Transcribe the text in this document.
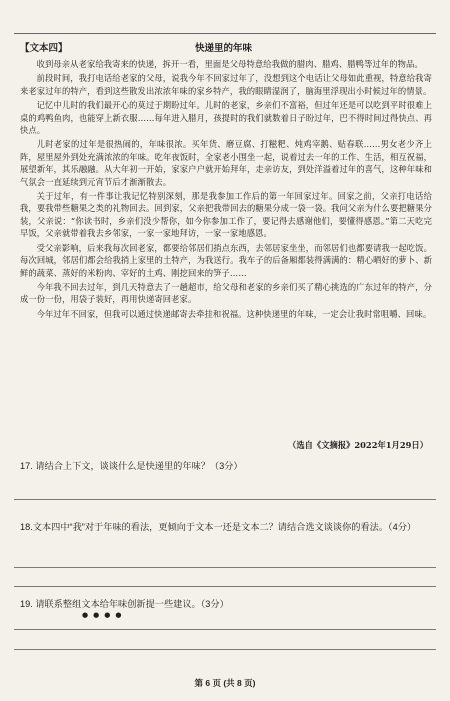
【文本四】	快递里的年味

收到母亲从老家给我寄来的快递，拆开一看，里面是父母特意给我做的腊肉、腊鸡、腊鸭等过年的物品。

前段时间，我打电话给老家的父母，说我今年不回家过年了，没想到这个电话让父母如此重视，特意给我寄来老家过年的特产，看到这些散发出浓浓年味的家乡特产，我的眼睛湿润了，脑海里浮现出小时候过年的情景。

记忆中儿时的我们最开心的莫过于期盼过年。儿时的老家，乡亲们不富裕，但过年还是可以吃到平时很难上桌的鸡鸭鱼肉，也能穿上新衣服……每年进入腊月，孩提时的我们就数着日子盼过年，巴不得时间过得快点、再快点。

儿时老家的过年是很热闹的，年味很浓。买年货、磨豆腐、打糍粑、炖鸡宰鹅、贴春联……男女老少齐上阵，屋里屋外到处充满浓浓的年味。吃年夜饭时，全家老小围坐一起，说着过去一年的工作、生活，相互祝福，展望新年，其乐融融。从大年初一开始，家家户户就开始拜年，走亲访友，到处洋溢着过年的喜气，这种年味和气氛会一直延续到元宵节后才渐渐散去。

关于过年，有一件事让我记忆特别深刻，那是我参加工作后的第一年回家过年。回家之前，父亲打电话给我，要我带些糖果之类的礼物回去。回到家，父亲把我带回去的糖果分成一袋一袋。我问父亲为什么要把糖果分装，父亲说：“你读书时，乡亲们没少帮你，如今你参加工作了，要记得去感谢他们，要懂得感恩。”第二天吃完早饭，父亲就带着我去乡邻家，一家一家地拜访，一家一家地感恩。

受父亲影响，后来我每次回老家，都要给邻居们捎点东西，去邻居家坐坐，而邻居们也都要请我一起吃饭。每次回城，邻居们都会给我捎上家里的土特产，为我送行。我车子的后备厢都装得满满的：精心晒好的萝卜、新鲜的蔬菜、蒸好的米粉肉、宰好的土鸡、刚挖回来的笋子……

今年我不回去过年，到几天特意去了一趟超市，给父母和老家的乡亲们买了精心挑选的广东过年的特产，分成一份一份，用袋子装好，再用快递寄回老家。

今年过年不回家，但我可以通过快递邮寄去牵挂和祝福。这种快递里的年味，一定会让我时常咀嚼、回味。

（选自《文摘报》2022年1月29日）
17. 请结合上下文，谈谈什么是快递里的年味？（3分）
18.文本四中“我”对于年味的看法，更倾向于文本一还是文本二？请结合选文谈谈你的看法。（4分）
19. 请联系整组文本给年味创新提一些建议。（3分）
●●●●
第 6 页 (共 8 页)
